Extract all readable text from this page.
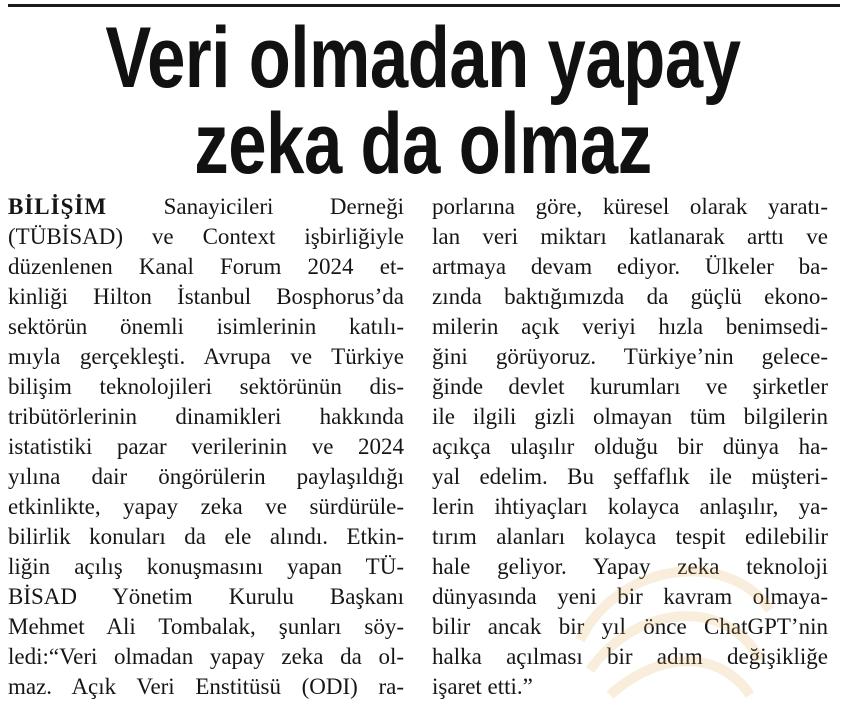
Veri olmadan yapay
zeka da olmaz
BİLİŞİM Sanayicileri Derneği
(TÜBİSAD) ve Context işbirliğiyle
düzenlenen Kanal Forum 2024 et-
kinliği Hilton İstanbul Bosphorus’da
sektörün önemli isimlerinin katılı-
mıyla gerçekleşti. Avrupa ve Türkiye
bilişim teknolojileri sektörünün dis-
tribütörlerinin dinamikleri hakkında
istatistiki pazar verilerinin ve 2024
yılına dair öngörülerin paylaşıldığı
etkinlikte, yapay zeka ve sürdürüle-
bilirlik konuları da ele alındı. Etkin-
liğin açılış konuşmasını yapan TÜ-
BİSAD Yönetim Kurulu Başkanı
Mehmet Ali Tombalak, şunları söy-
ledi:“Veri olmadan yapay zeka da ol-
maz. Açık Veri Enstitüsü (ODI) ra-
porlarına göre, küresel olarak yaratı-
lan veri miktarı katlanarak arttı ve
artmaya devam ediyor. Ülkeler ba-
zında baktığımızda da güçlü ekono-
milerin açık veriyi hızla benimsedi-
ğini görüyoruz. Türkiye’nin gelece-
ğinde devlet kurumları ve şirketler
ile ilgili gizli olmayan tüm bilgilerin
açıkça ulaşılır olduğu bir dünya ha-
yal edelim. Bu şeffaflık ile müşteri-
lerin ihtiyaçları kolayca anlaşılır, ya-
tırım alanları kolayca tespit edilebilir
hale geliyor. Yapay zeka teknoloji
dünyasında yeni bir kavram olmaya-
bilir ancak bir yıl önce ChatGPT’nin
halka açılması bir adım değişikliğe
işaret etti.”
